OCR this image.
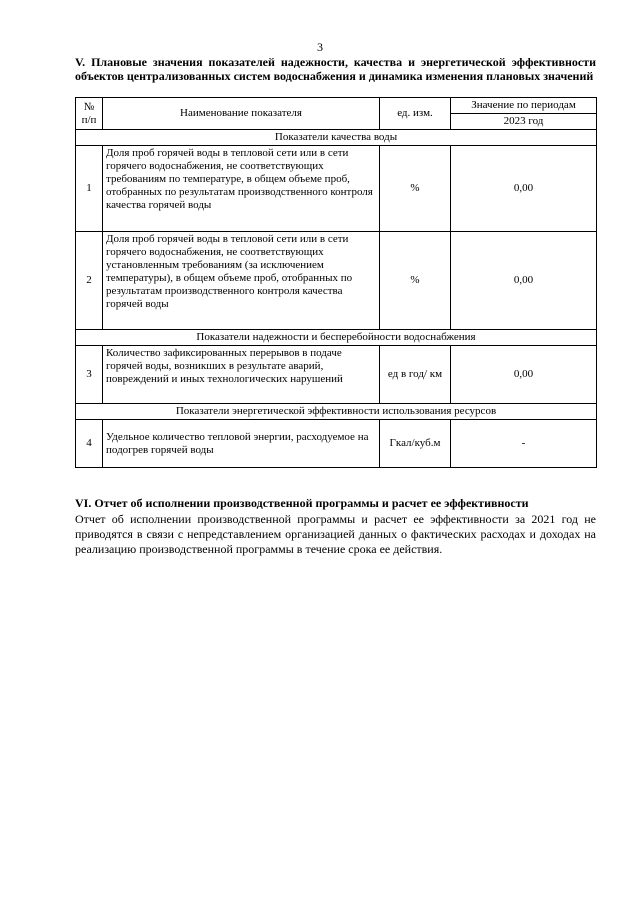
3
V. Плановые значения показателей надежности, качества и энергетической эффективности объектов централизованных систем водоснабжения и динамика изменения плановых значений
№ п/п	Наименование показателя	ед. изм.	Значение по периодам
			2023 год
Показатели качества воды			
1	Доля проб горячей воды в тепловой сети или в сети горячего водоснабжения, не соответствующих требованиям по температуре, в общем объеме проб, отобранных по результатам производственного контроля качества горячей воды	%	0,00
2	Доля проб горячей воды в тепловой сети или в сети горячего водоснабжения, не соответствующих установленным требованиям (за исключением температуры), в общем объеме проб, отобранных по результатам производственного контроля качества горячей воды	%	0,00
Показатели надежности и бесперебойности водоснабжения			
3	Количество зафиксированных перерывов в подаче горячей воды, возникших в результате аварий, повреждений и иных технологических нарушений	ед в год/ км	0,00
Показатели энергетической эффективности использования ресурсов			
4	Удельное количество тепловой энергии, расходуемое на подогрев горячей воды	Гкал/куб.м	-
VI. Отчет об исполнении производственной программы и расчет ее эффективности
Отчет об исполнении производственной программы и расчет ее эффективности за 2021 год не приводятся в связи с непредставлением организацией данных о фактических расходах и доходах на реализацию производственной программы в течение срока ее действия.
